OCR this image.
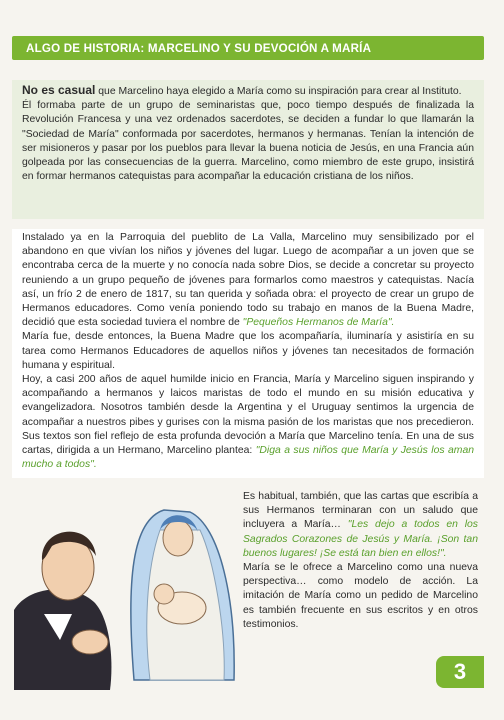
ALGO DE HISTORIA: MARCELINO Y SU DEVOCIÓN A MARÍA

No es casual que Marcelino haya elegido a María como su inspiración para crear al Instituto.

Él formaba parte de un grupo de seminaristas que, poco tiempo después de finalizada la Revolución Francesa y una vez ordenados sacerdotes, se deciden a fundar lo que llamarán la "Sociedad de María" conformada por sacerdotes, hermanos y hermanas. Tenían la intención de ser misioneros y pasar por los pueblos para llevar la buena noticia de Jesús, en una Francia aún golpeada por las consecuencias de la guerra. Marcelino, como miembro de este grupo, insistirá en formar hermanos catequistas para acompañar la educación cristiana de los niños.

Instalado ya en la Parroquia del pueblito de La Valla, Marcelino muy sensibilizado por el abandono en que vivían los niños y jóvenes del lugar. Luego de acompañar a un joven que se encontraba cerca de la muerte y no conocía nada sobre Dios, se decide a concretar su proyecto reuniendo a un grupo pequeño de jóvenes para formarlos como maestros y catequistas. Nacía así, un frío 2 de enero de 1817, su tan querida y soñada obra: el proyecto de crear un grupo de Hermanos educadores. Como venía poniendo todo su trabajo en manos de la Buena Madre, decidió que esta sociedad tuviera el nombre de "Pequeños Hermanos de María".

María fue, desde entonces, la Buena Madre que los acompañaría, iluminaría y asistiría en su tarea como Hermanos Educadores de aquellos niños y jóvenes tan necesitados de formación humana y espiritual.

Hoy, a casi 200 años de aquel humilde inicio en Francia, María y Marcelino siguen inspirando y acompañando a hermanos y laicos maristas de todo el mundo en su misión educativa y evangelizadora. Nosotros también desde la Argentina y el Uruguay sentimos la urgencia de acompañar a nuestros pibes y gurises con la misma pasión de los maristas que nos precedieron. Sus textos son fiel reflejo de esta profunda devoción a María que Marcelino tenía. En una de sus cartas, dirigida a un Hermano, Marcelino plantea: "Diga a sus niños que María y Jesús los aman mucho a todos".

Es habitual, también, que las cartas que escribía a sus Hermanos terminaran con un saludo que incluyera a María… "Les dejo a todos en los Sagrados Corazones de Jesús y María. ¡Son tan buenos lugares! ¡Se está tan bien en ellos!".

María se le ofrece a Marcelino como una nueva perspectiva… como modelo de acción. La imitación de María como un pedido de Marcelino es también frecuente en sus escritos y en otros testimonios.

3
